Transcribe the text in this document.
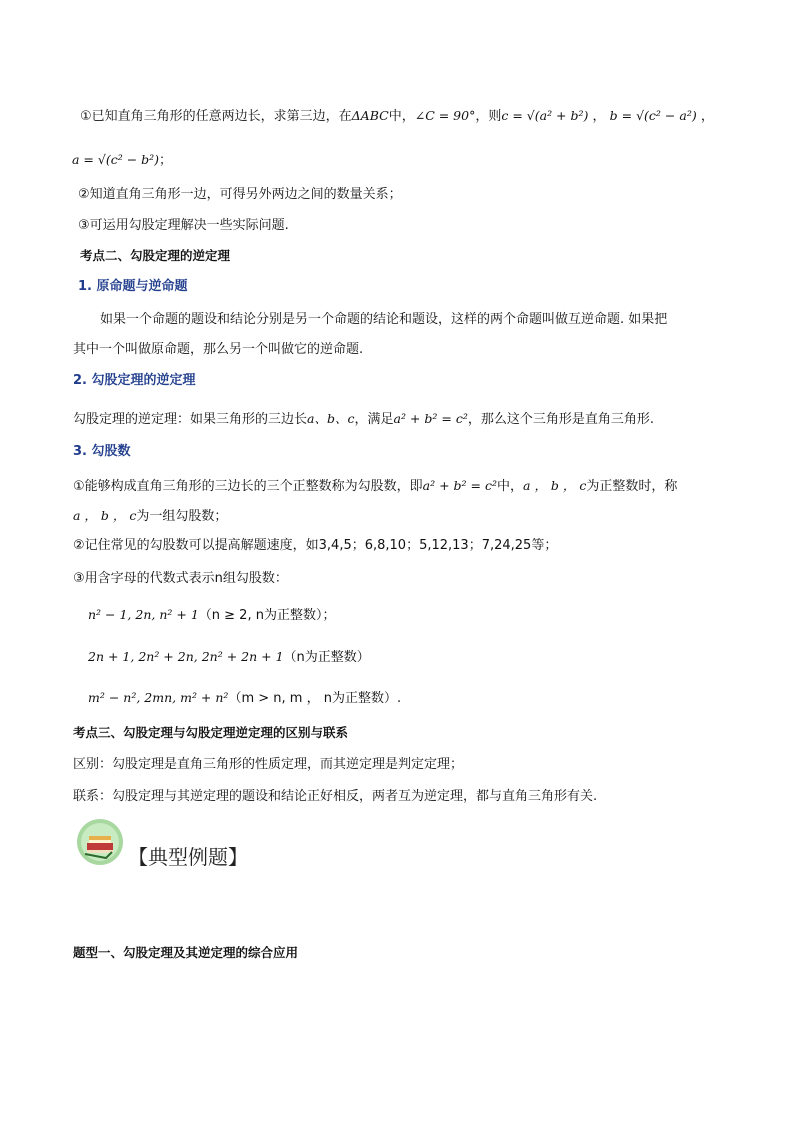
①已知直角三角形的任意两边长，求第三边，在ΔABC中，∠C = 90°，则c = √(a² + b²) ， b = √(c² − a²) ，
a = √(c² − b²)；
②知道直角三角形一边，可得另外两边之间的数量关系；
③可运用勾股定理解决一些实际问题.
考点二、勾股定理的逆定理
1. 原命题与逆命题
如果一个命题的题设和结论分别是另一个命题的结论和题设，这样的两个命题叫做互逆命题. 如果把
其中一个叫做原命题，那么另一个叫做它的逆命题.
2. 勾股定理的逆定理
勾股定理的逆定理：如果三角形的三边长a、b、c，满足a² + b² = c²，那么这个三角形是直角三角形.
3. 勾股数
①能够构成直角三角形的三边长的三个正整数称为勾股数，即a² + b² = c²中，a ， b ， c为正整数时，称
a ， b ， c为一组勾股数；
②记住常见的勾股数可以提高解题速度，如3,4,5；6,8,10；5,12,13；7,24,25等；
③用含字母的代数式表示n组勾股数：
n² − 1, 2n, n² + 1（n ≥ 2, n为正整数）；
2n + 1, 2n² + 2n, 2n² + 2n + 1（n为正整数）
m² − n², 2mn, m² + n²（m > n, m ， n为正整数）.
考点三、勾股定理与勾股定理逆定理的区别与联系
区别：勾股定理是直角三角形的性质定理，而其逆定理是判定定理；
联系：勾股定理与其逆定理的题设和结论正好相反，两者互为逆定理，都与直角三角形有关.
【典型例题】
题型一、勾股定理及其逆定理的综合应用
